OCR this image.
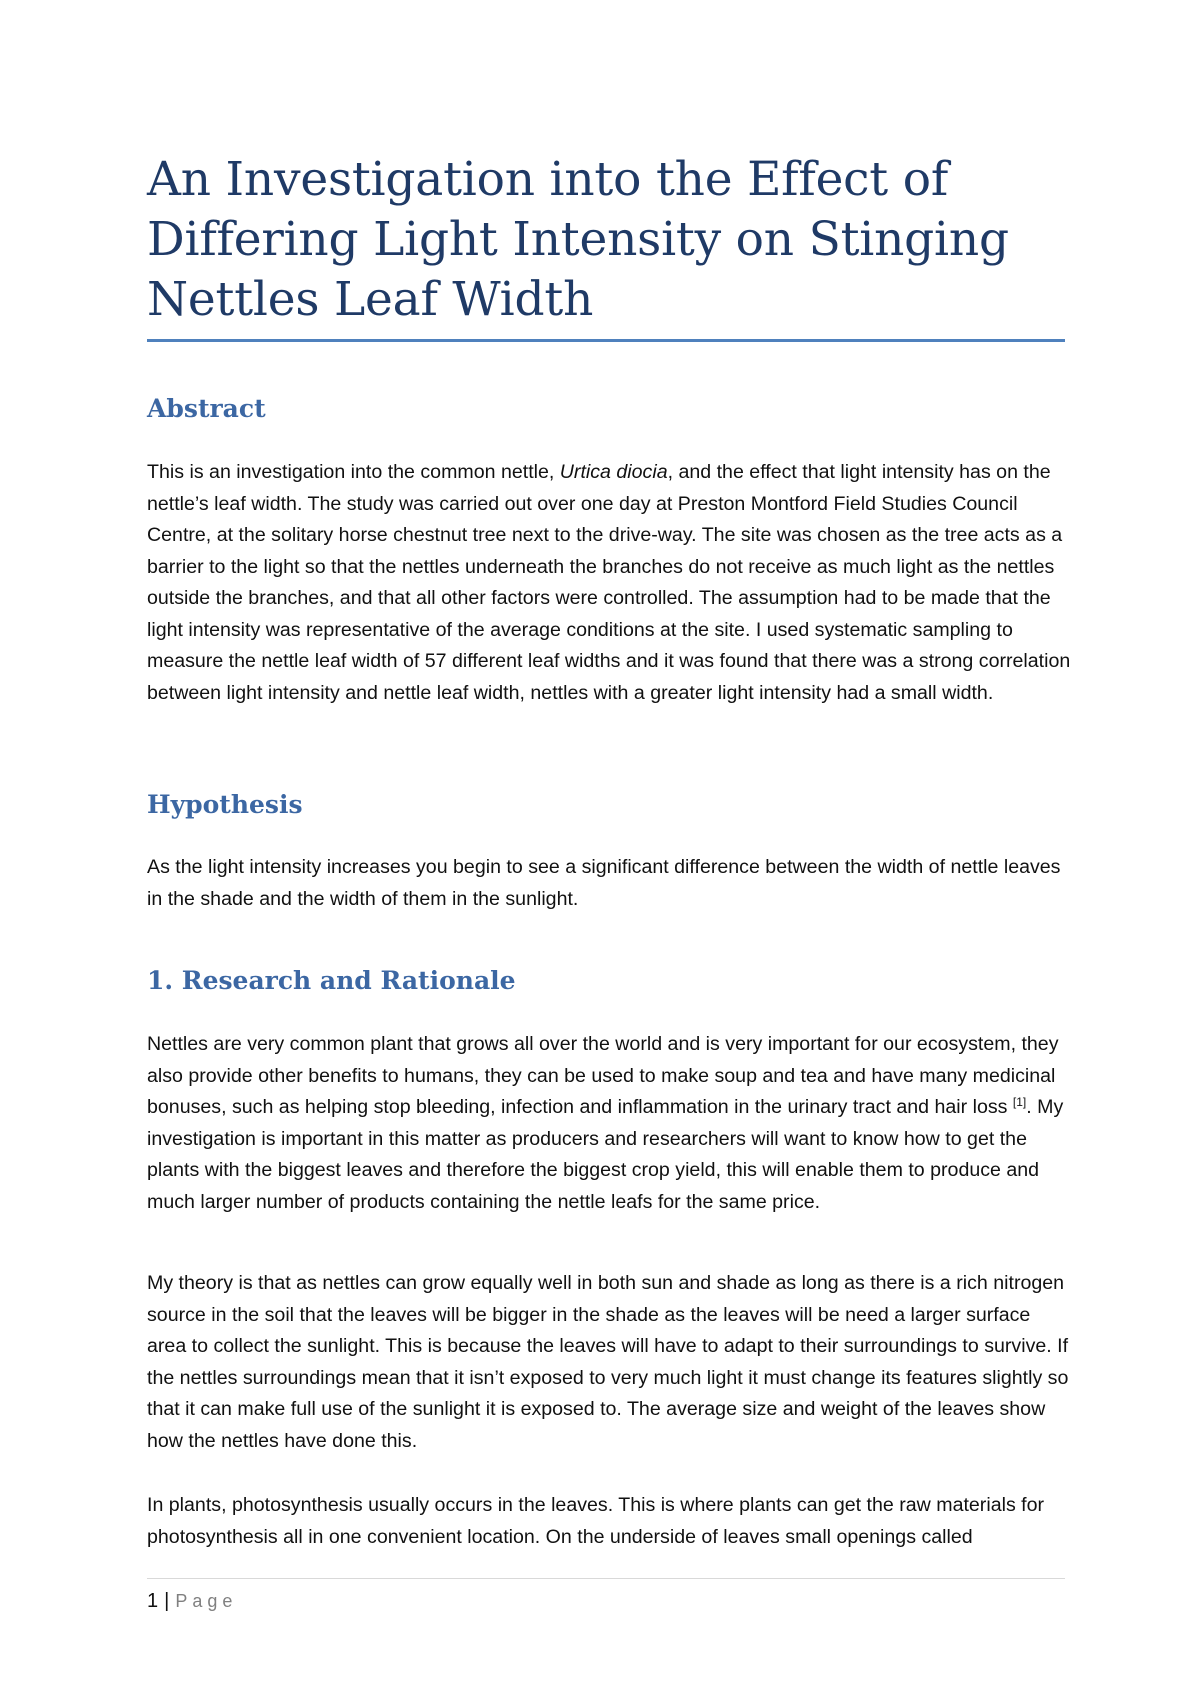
An Investigation into the Effect of Differing Light Intensity on Stinging Nettles Leaf Width
Abstract

This is an investigation into the common nettle, Urtica diocia, and the effect that light intensity has on the nettle’s leaf width. The study was carried out over one day at Preston Montford Field Studies Council Centre, at the solitary horse chestnut tree next to the drive-way. The site was chosen as the tree acts as a barrier to the light so that the nettles underneath the branches do not receive as much light as the nettles outside the branches, and that all other factors were controlled. The assumption had to be made that the light intensity was representative of the average conditions at the site. I used systematic sampling to measure the nettle leaf width of 57 different leaf widths and it was found that there was a strong correlation between light intensity and nettle leaf width, nettles with a greater light intensity had a small width.

Hypothesis

As the light intensity increases you begin to see a significant difference between the width of nettle leaves in the shade and the width of them in the sunlight.

1. Research and Rationale

Nettles are very common plant that grows all over the world and is very important for our ecosystem, they also provide other benefits to humans, they can be used to make soup and tea and have many medicinal bonuses, such as helping stop bleeding, infection and inflammation in the urinary tract and hair loss [1]. My investigation is important in this matter as producers and researchers will want to know how to get the plants with the biggest leaves and therefore the biggest crop yield, this will enable them to produce and much larger number of products containing the nettle leafs for the same price.

My theory is that as nettles can grow equally well in both sun and shade as long as there is a rich nitrogen source in the soil that the leaves will be bigger in the shade as the leaves will be need a larger surface area to collect the sunlight. This is because the leaves will have to adapt to their surroundings to survive. If the nettles surroundings mean that it isn’t exposed to very much light it must change its features slightly so that it can make full use of the sunlight it is exposed to. The average size and weight of the leaves show how the nettles have done this.

In plants, photosynthesis usually occurs in the leaves. This is where plants can get the raw materials for photosynthesis all in one convenient location. On the underside of leaves small openings called

1 | Page
